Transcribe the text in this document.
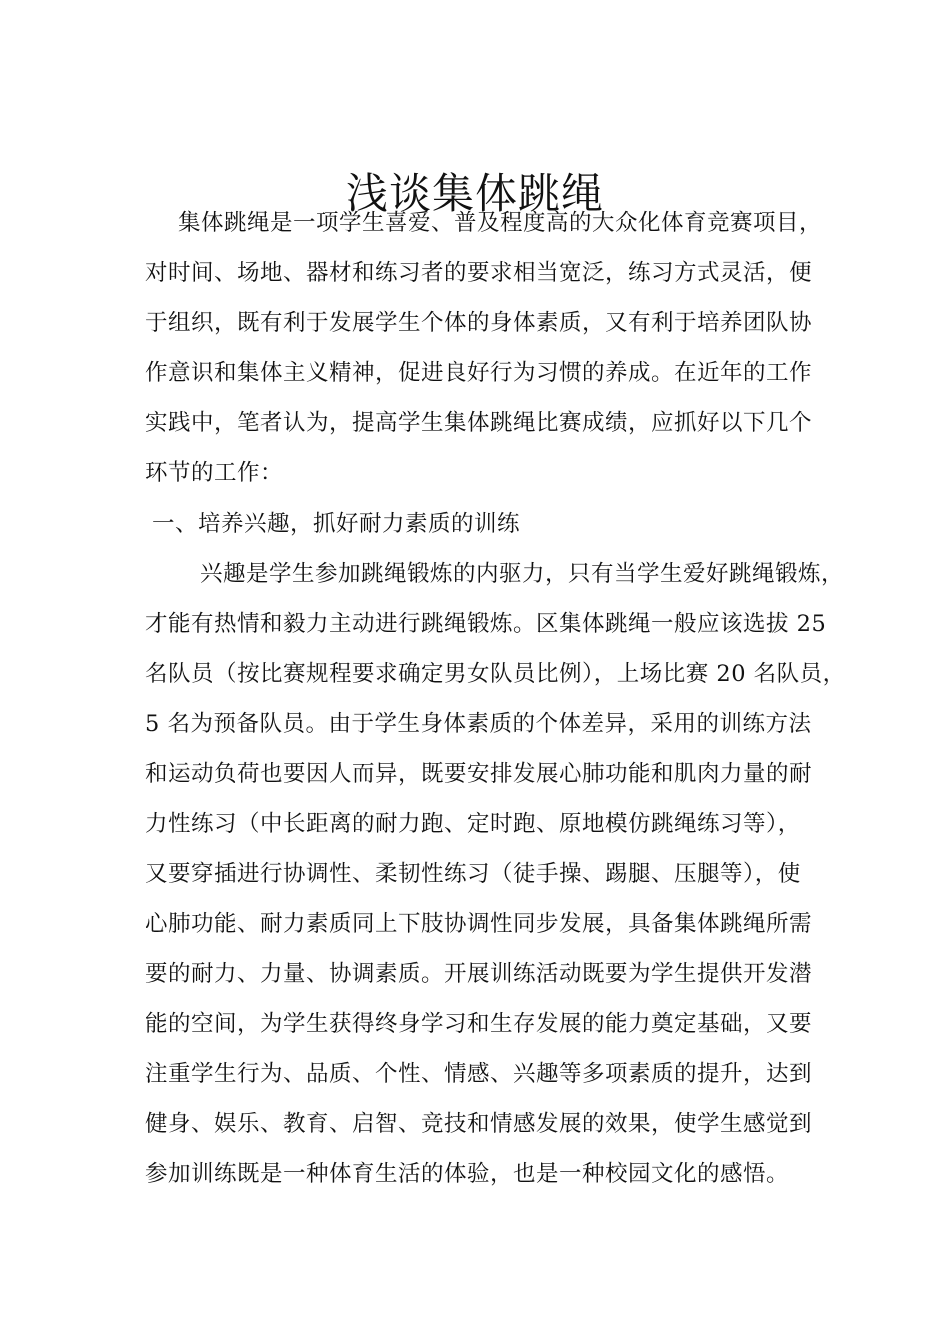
浅谈集体跳绳
集体跳绳是一项学生喜爱、普及程度高的大众化体育竞赛项目，
对时间、场地、器材和练习者的要求相当宽泛，练习方式灵活，便
于组织，既有利于发展学生个体的身体素质，又有利于培养团队协
作意识和集体主义精神，促进良好行为习惯的养成。在近年的工作
实践中，笔者认为，提高学生集体跳绳比赛成绩，应抓好以下几个
环节的工作：
一、培养兴趣，抓好耐力素质的训练
兴趣是学生参加跳绳锻炼的内驱力，只有当学生爱好跳绳锻炼，
才能有热情和毅力主动进行跳绳锻炼。区集体跳绳一般应该选拔 25
名队员（按比赛规程要求确定男女队员比例），上场比赛 20 名队员，
5 名为预备队员。由于学生身体素质的个体差异，采用的训练方法
和运动负荷也要因人而异，既要安排发展心肺功能和肌肉力量的耐
力性练习（中长距离的耐力跑、定时跑、原地模仿跳绳练习等），
又要穿插进行协调性、柔韧性练习（徒手操、踢腿、压腿等），使
心肺功能、耐力素质同上下肢协调性同步发展，具备集体跳绳所需
要的耐力、力量、协调素质。开展训练活动既要为学生提供开发潜
能的空间，为学生获得终身学习和生存发展的能力奠定基础，又要
注重学生行为、品质、个性、情感、兴趣等多项素质的提升，达到
健身、娱乐、教育、启智、竞技和情感发展的效果，使学生感觉到
参加训练既是一种体育生活的体验，也是一种校园文化的感悟。
